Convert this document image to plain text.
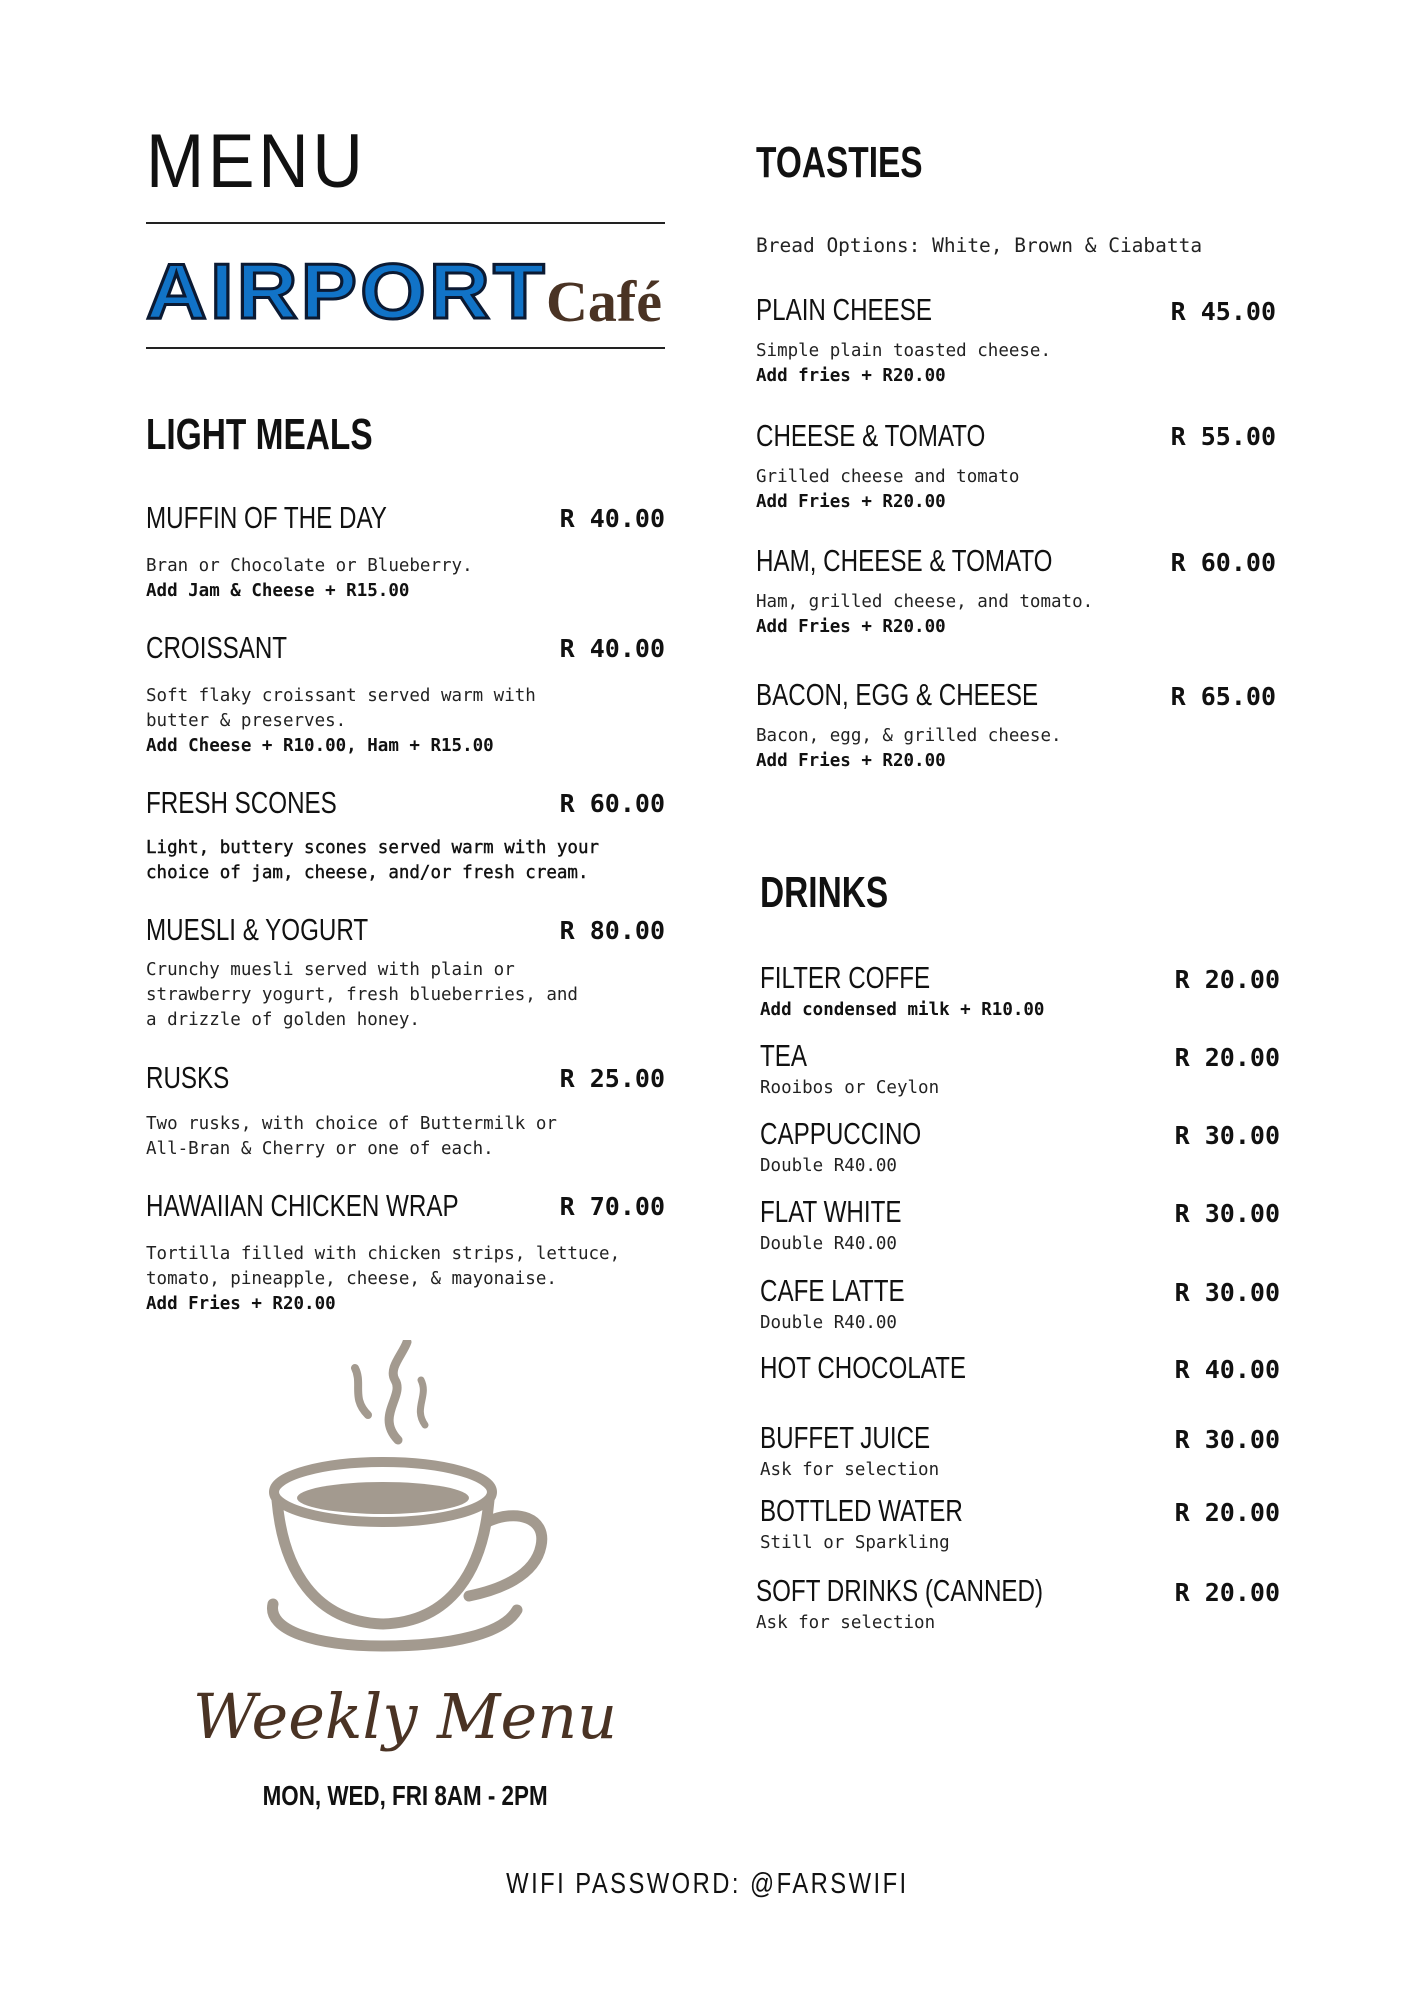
MENU
AIRPORT
Café
LIGHT MEALS
MUFFIN OF THE DAY	R 40.00
Bran or Chocolate or Blueberry.
Add Jam & Cheese + R15.00
CROISSANT	R 40.00
Soft flaky croissant served warm with
butter & preserves.
Add Cheese + R10.00, Ham + R15.00
FRESH SCONES	R 60.00
Light, buttery scones served warm with your
choice of jam, cheese, and/or fresh cream.
MUESLI & YOGURT	R 80.00
Crunchy muesli served with plain or
strawberry yogurt, fresh blueberries, and
a drizzle of golden honey.
RUSKS	R 25.00
Two rusks, with choice of Buttermilk or
All-Bran & Cherry or one of each.
HAWAIIAN CHICKEN WRAP	R 70.00
Tortilla filled with chicken strips, lettuce,
tomato, pineapple, cheese, & mayonaise.
Add Fries + R20.00
Weekly Menu
MON, WED, FRI 8AM - 2PM
TOASTIES
Bread Options: White, Brown & Ciabatta
PLAIN CHEESE	R 45.00
Simple plain toasted cheese.
Add fries + R20.00
CHEESE & TOMATO	R 55.00
Grilled cheese and tomato
Add Fries + R20.00
HAM, CHEESE & TOMATO	R 60.00
Ham, grilled cheese, and tomato.
Add Fries + R20.00
BACON, EGG & CHEESE	R 65.00
Bacon, egg, & grilled cheese.
Add Fries + R20.00
DRINKS
FILTER COFFE	R 20.00
Add condensed milk + R10.00
TEA	R 20.00
Rooibos or Ceylon
CAPPUCCINO	R 30.00
Double R40.00
FLAT WHITE	R 30.00
Double R40.00
CAFE LATTE	R 30.00
Double R40.00
HOT CHOCOLATE	R 40.00
BUFFET JUICE	R 30.00
Ask for selection
BOTTLED WATER	R 20.00
Still or Sparkling
SOFT DRINKS (CANNED)	R 20.00
Ask for selection
WIFI PASSWORD: @FARSWIFI
